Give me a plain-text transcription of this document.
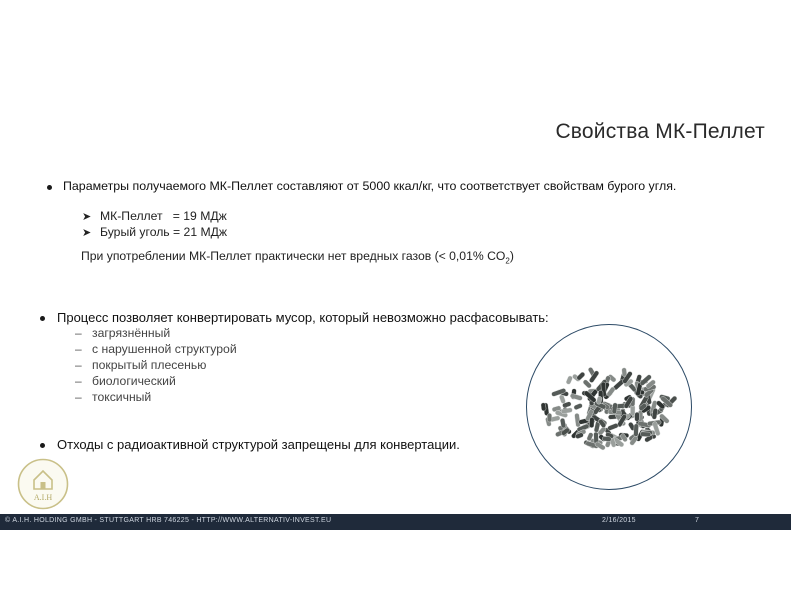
Свойства МК-Пеллет
Параметры получаемого МК-Пеллет составляют от 5000 ккал/кг, что соответствует свойствам бурого угля.
➤ МК-Пеллет   = 19 МДж
➤ Бурый уголь = 21 МДж
При употреблении МК-Пеллет практически нет вредных газов (< 0,01% $CO_2$)
Процесс позволяет конвертировать мусор, который невозможно расфасовывать:
– загрязнённый
– с нарушенной структурой
– покрытый плесенью
– биологический
– токсичный
Отходы с радиоактивной структурой запрещены для конвертации.
A.I.H
© A.I.H. HOLDING GMBH - STUTTGART HRB 746225 - HTTP://WWW.ALTERNATIV-INVEST.EU	2/16/2015	7
